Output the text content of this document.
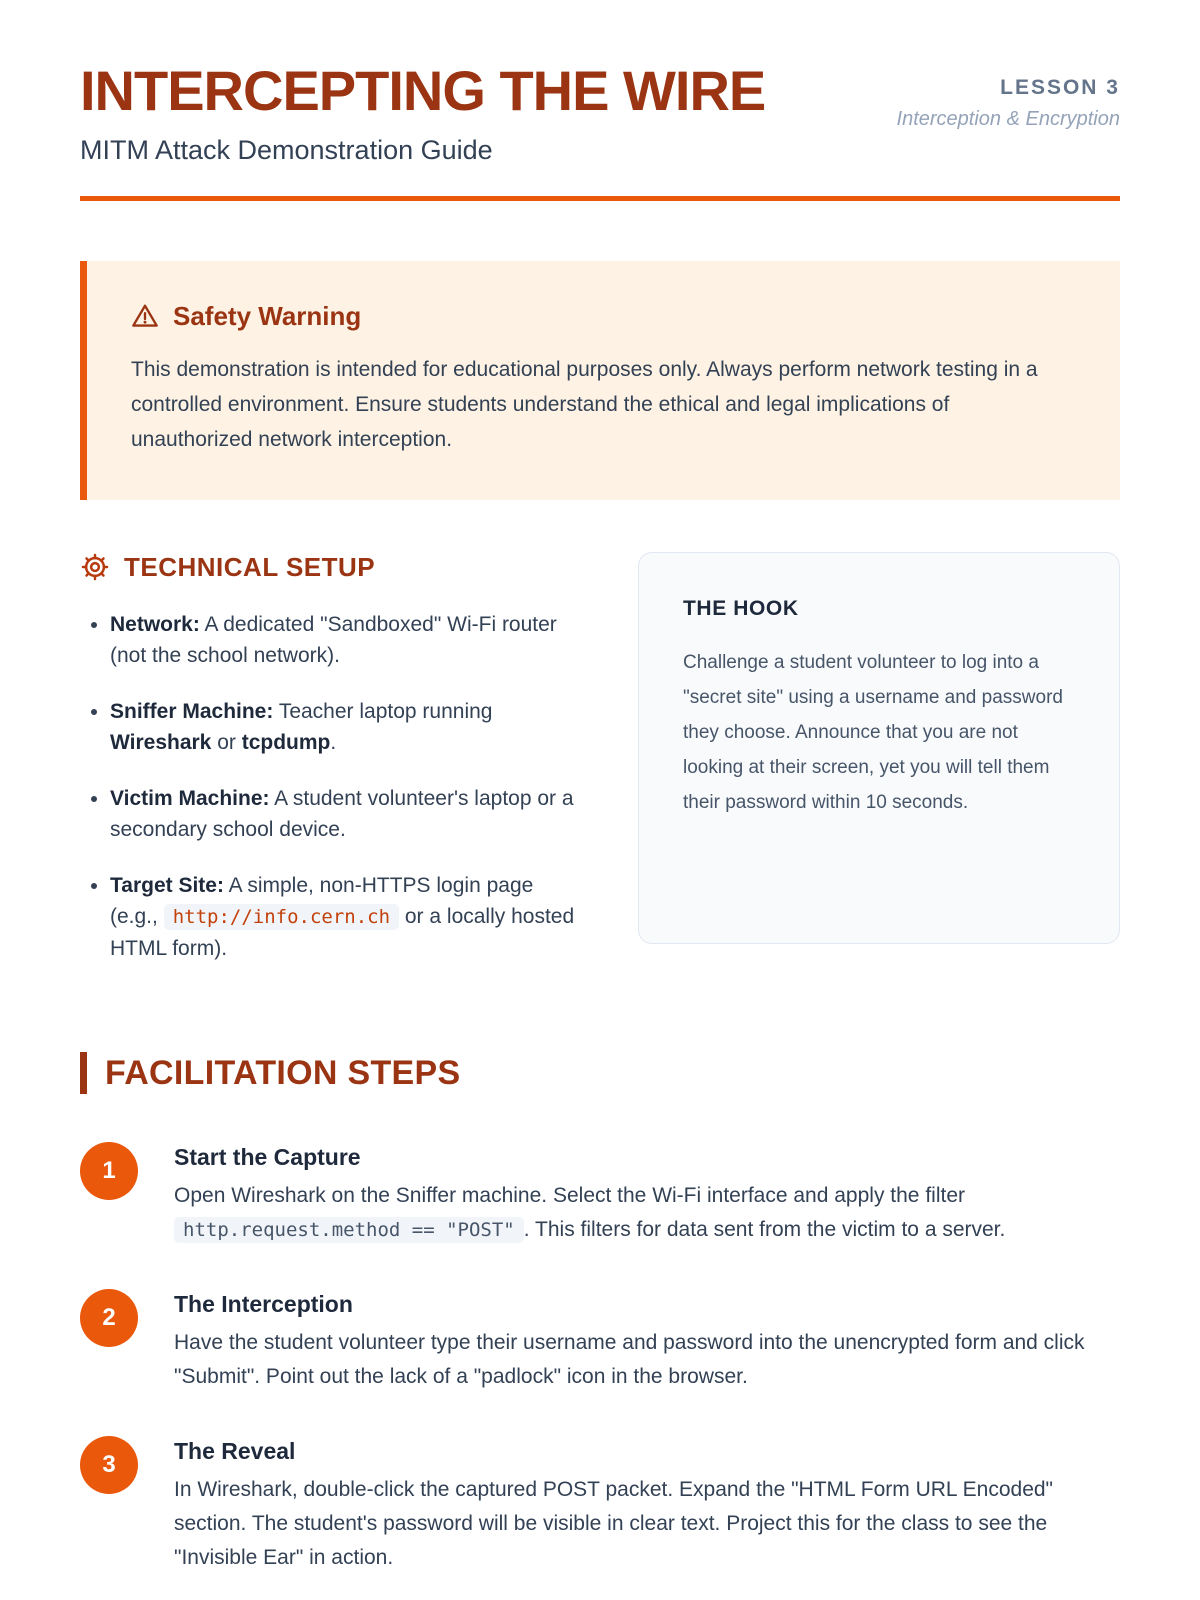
INTERCEPTING THE WIRE

MITM Attack Demonstration Guide

LESSON 3
Interception & Encryption
Safety Warning

This demonstration is intended for educational purposes only. Always perform network testing in a controlled environment. Ensure students understand the ethical and legal implications of unauthorized network interception.

TECHNICAL SETUP
• Network: A dedicated "Sandboxed" Wi-Fi router (not the school network).
• Sniffer Machine: Teacher laptop running Wireshark or tcpdump.
• Victim Machine: A student volunteer's laptop or a secondary school device.
• Target Site: A simple, non-HTTPS login page (e.g., http://info.cern.ch or a locally hosted HTML form).
THE HOOK

Challenge a student volunteer to log into a "secret site" using a username and password they choose. Announce that you are not looking at their screen, yet you will tell them their password within 10 seconds.

FACILITATION STEPS
1	Start the Capture

Open Wireshark on the Sniffer machine. Select the Wi-Fi interface and apply the filter http.request.method == "POST" . This filters for data sent from the victim to a server.

2	The Interception

Have the student volunteer type their username and password into the unencrypted form and click "Submit". Point out the lack of a "padlock" icon in the browser.

3	The Reveal

In Wireshark, double-click the captured POST packet. Expand the "HTML Form URL Encoded" section. The student's password will be visible in clear text. Project this for the class to see the "Invisible Ear" in action.
